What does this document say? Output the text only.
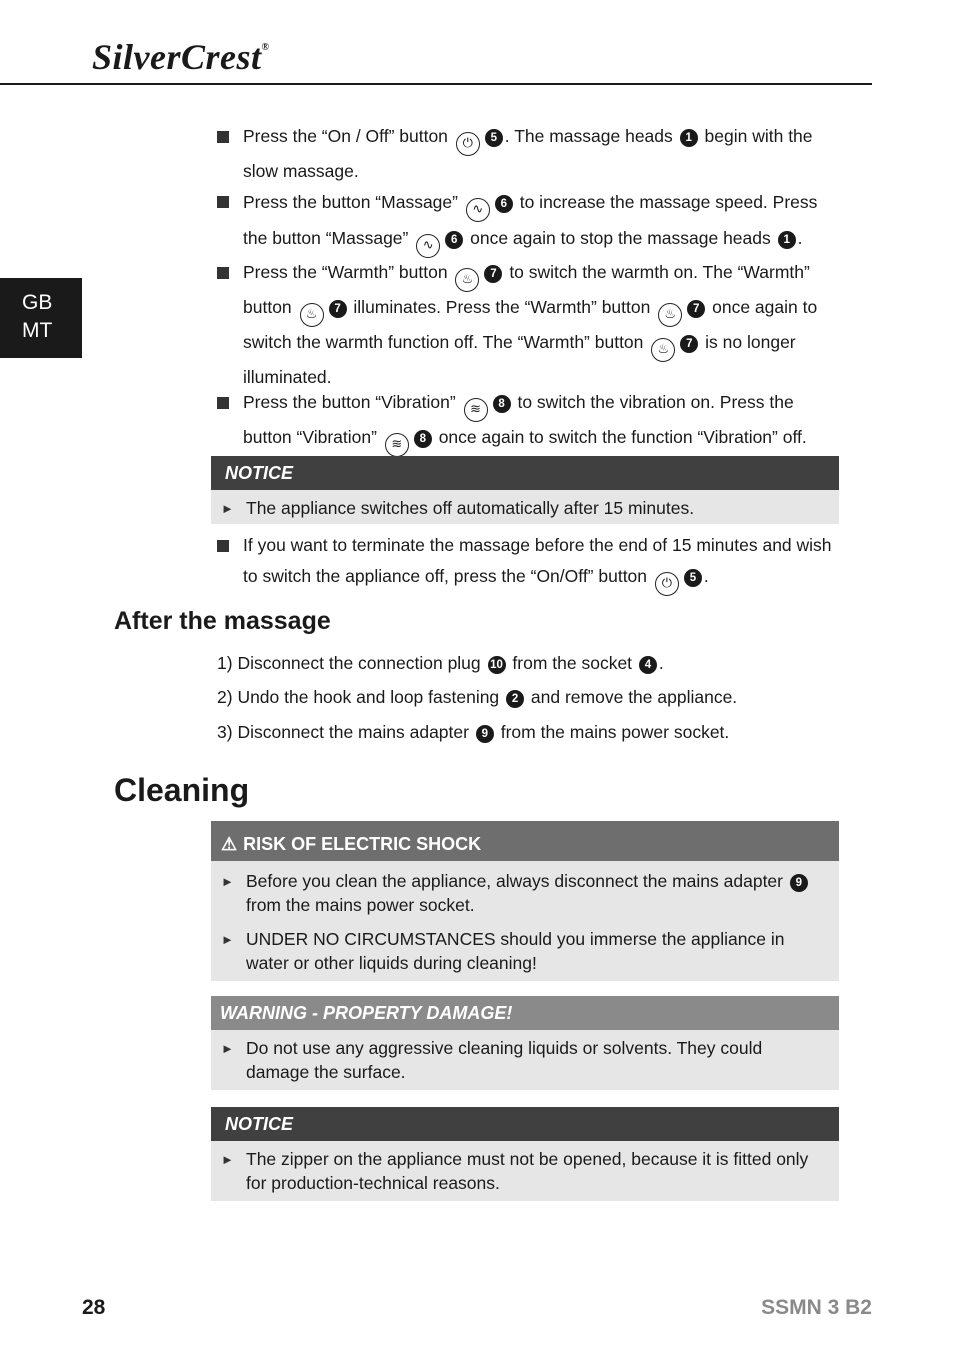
SilverCrest®
GB
MT
Press the “On / Off” button ⏻ 5 . The massage heads 1 begin with the slow massage.
Press the button “Massage” ∿ 6 to increase the massage speed. Press the button “Massage” ∿ 6 once again to stop the massage heads 1 .
Press the “Warmth” button ♨ 7 to switch the warmth on. The “Warmth” button ♨ 7 illuminates. Press the “Warmth” button ♨ 7 once again to switch the warmth function off. The “Warmth” button ♨ 7 is no longer illuminated.
Press the button “Vibration” ≋ 8 to switch the vibration on. Press the button “Vibration” ≋ 8 once again to switch the function “Vibration” off.
NOTICE
► The appliance switches off automatically after 15 minutes.
If you want to terminate the massage before the end of 15 minutes and wish to switch the appliance off, press the “On/Off” button ⏻ 5 .
After the massage
1) Disconnect the connection plug 10 from the socket 4 .
2) Undo the hook and loop fastening 2 and remove the appliance.
3) Disconnect the mains adapter 9 from the mains power socket.
Cleaning
⚠ RISK OF ELECTRIC SHOCK
► Before you clean the appliance, always disconnect the mains adapter 9 from the mains power socket.
► UNDER NO CIRCUMSTANCES should you immerse the appliance in water or other liquids during cleaning!
WARNING - PROPERTY DAMAGE!
► Do not use any aggressive cleaning liquids or solvents. They could damage the surface.
NOTICE
► The zipper on the appliance must not be opened, because it is fitted only for production-technical reasons.
28	SSMN 3 B2
